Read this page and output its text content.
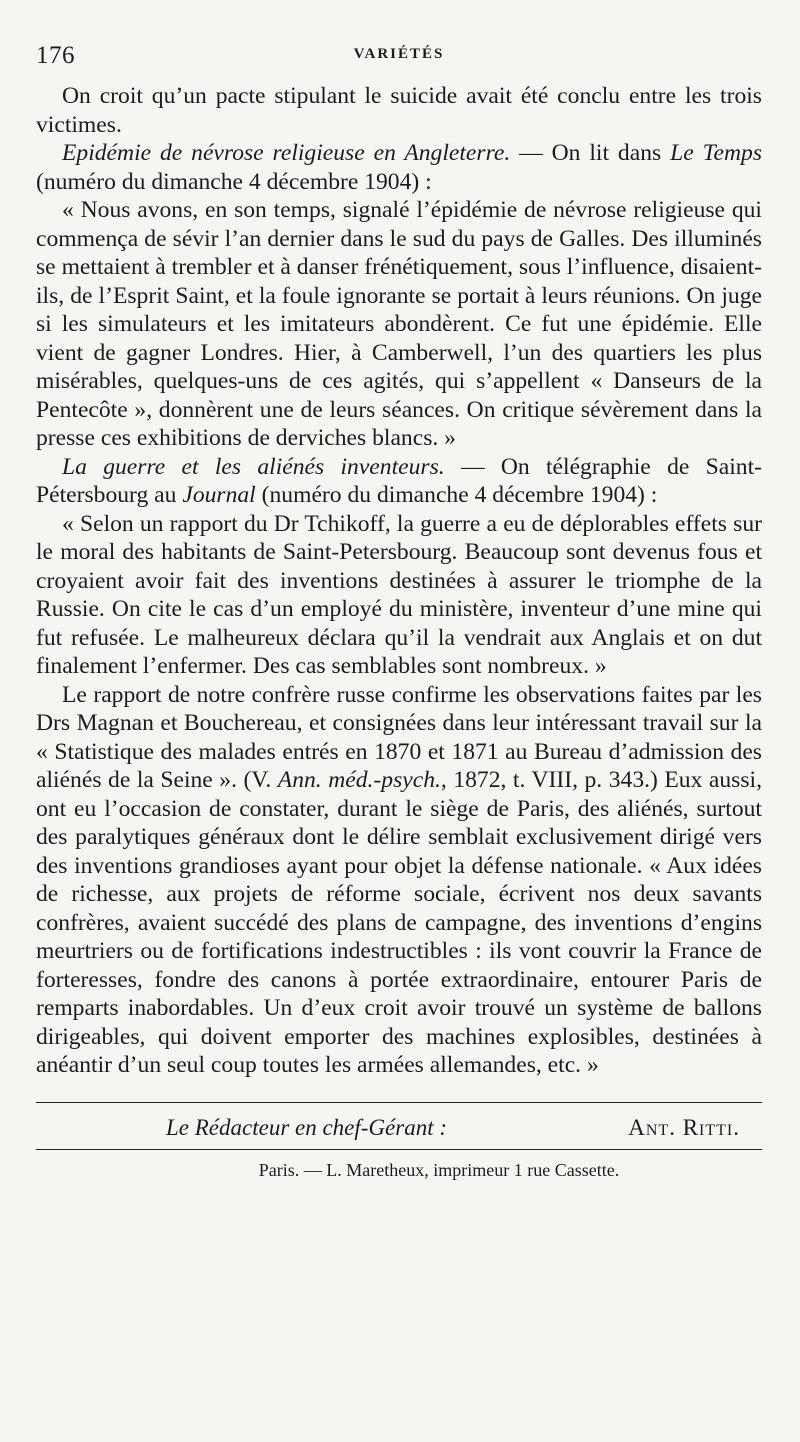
176	VARIÉTÉS

On croit qu’un pacte stipulant le suicide avait été conclu entre les trois victimes.

Epidémie de névrose religieuse en Angleterre. — On lit dans Le Temps (numéro du dimanche 4 décembre 1904) :

« Nous avons, en son temps, signalé l’épidémie de névrose religieuse qui commença de sévir l’an dernier dans le sud du pays de Galles. Des illuminés se mettaient à trembler et à danser frénétiquement, sous l’influence, disaient-ils, de l’Esprit Saint, et la foule ignorante se portait à leurs réunions. On juge si les simulateurs et les imitateurs abondèrent. Ce fut une épidémie. Elle vient de gagner Londres. Hier, à Camberwell, l’un des quartiers les plus misérables, quelques-uns de ces agités, qui s’appellent « Danseurs de la Pentecôte », donnèrent une de leurs séances. On critique sévèrement dans la presse ces exhibitions de derviches blancs. »

La guerre et les aliénés inventeurs. — On télégraphie de Saint-Pétersbourg au Journal (numéro du dimanche 4 décembre 1904) :

« Selon un rapport du Dr Tchikoff, la guerre a eu de déplorables effets sur le moral des habitants de Saint-Petersbourg. Beaucoup sont devenus fous et croyaient avoir fait des inventions destinées à assurer le triomphe de la Russie. On cite le cas d’un employé du ministère, inventeur d’une mine qui fut refusée. Le malheureux déclara qu’il la vendrait aux Anglais et on dut finalement l’enfermer. Des cas semblables sont nombreux. »

Le rapport de notre confrère russe confirme les observations faites par les Drs Magnan et Bouchereau, et consignées dans leur intéressant travail sur la « Statistique des malades entrés en 1870 et 1871 au Bureau d’admission des aliénés de la Seine ». (V. Ann. méd.-psych., 1872, t. VIII, p. 343.) Eux aussi, ont eu l’occasion de constater, durant le siège de Paris, des aliénés, surtout des paralytiques généraux dont le délire semblait exclusivement dirigé vers des inventions grandioses ayant pour objet la défense nationale. « Aux idées de richesse, aux projets de réforme sociale, écrivent nos deux savants confrères, avaient succédé des plans de campagne, des inventions d’engins meurtriers ou de fortifications indestructibles : ils vont couvrir la France de forteresses, fondre des canons à portée extraordinaire, entourer Paris de remparts inabordables. Un d’eux croit avoir trouvé un système de ballons dirigeables, qui doivent emporter des machines explosibles, destinées à anéantir d’un seul coup toutes les armées allemandes, etc. »

Le Rédacteur en chef-Gérant :	Ant. Ritti.
Paris. — L. Maretheux, imprimeur 1 rue Cassette.
